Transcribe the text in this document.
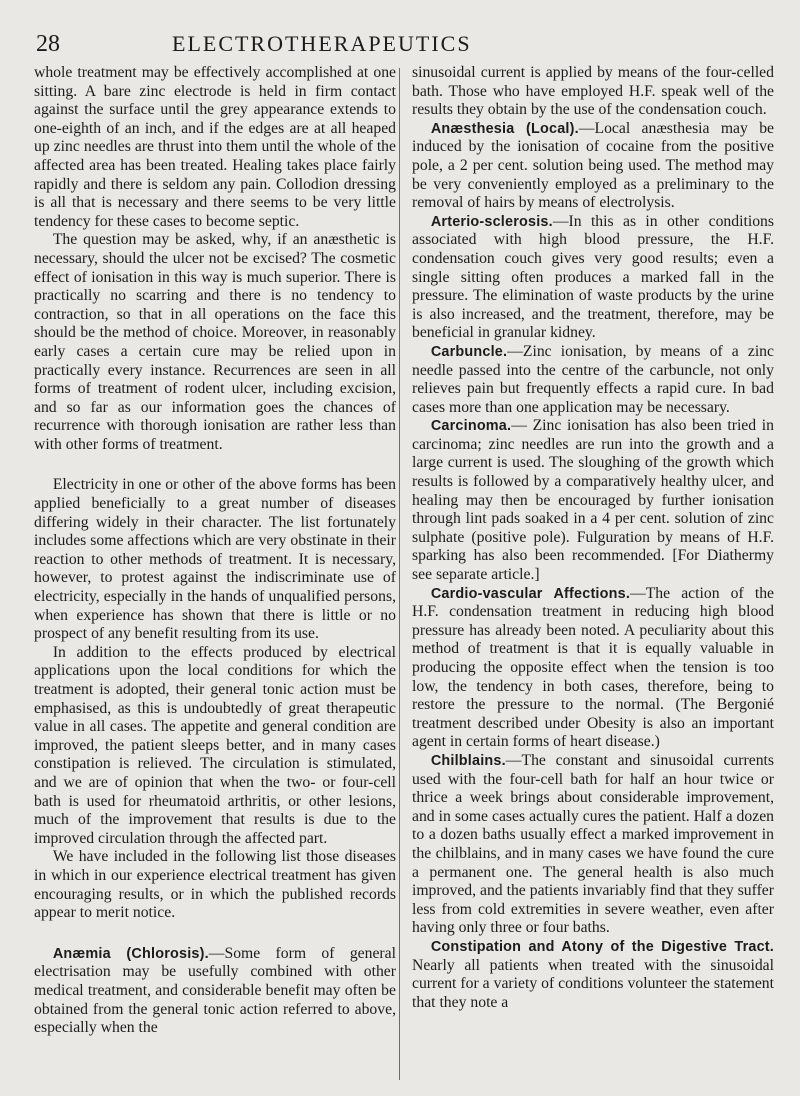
28	ELECTROTHERAPEUTICS

whole treatment may be effectively accomplished at one sitting. A bare zinc electrode is held in firm contact against the surface until the grey appearance extends to one-eighth of an inch, and if the edges are at all heaped up zinc needles are thrust into them until the whole of the affected area has been treated. Healing takes place fairly rapidly and there is seldom any pain. Collodion dressing is all that is necessary and there seems to be very little tendency for these cases to become septic.

The question may be asked, why, if an anæsthetic is necessary, should the ulcer not be excised? The cosmetic effect of ionisation in this way is much superior. There is practically no scarring and there is no tendency to contraction, so that in all operations on the face this should be the method of choice. Moreover, in reasonably early cases a certain cure may be relied upon in practically every instance. Recurrences are seen in all forms of treatment of rodent ulcer, including excision, and so far as our information goes the chances of recurrence with thorough ionisation are rather less than with other forms of treatment.

Electricity in one or other of the above forms has been applied beneficially to a great number of diseases differing widely in their character. The list fortunately includes some affections which are very obstinate in their reaction to other methods of treatment. It is necessary, however, to protest against the indiscriminate use of electricity, especially in the hands of unqualified persons, when experience has shown that there is little or no prospect of any benefit resulting from its use.

In addition to the effects produced by electrical applications upon the local conditions for which the treatment is adopted, their general tonic action must be emphasised, as this is undoubtedly of great therapeutic value in all cases. The appetite and general condition are improved, the patient sleeps better, and in many cases constipation is relieved. The circulation is stimulated, and we are of opinion that when the two- or four-cell bath is used for rheumatoid arthritis, or other lesions, much of the improvement that results is due to the improved circulation through the affected part.

We have included in the following list those diseases in which in our experience electrical treatment has given encouraging results, or in which the published records appear to merit notice.

Anæmia (Chlorosis).—Some form of general electrisation may be usefully combined with other medical treatment, and considerable benefit may often be obtained from the general tonic action referred to above, especially when the

sinusoidal current is applied by means of the four-celled bath. Those who have employed H.F. speak well of the results they obtain by the use of the condensation couch.

Anæsthesia (Local).—Local anæsthesia may be induced by the ionisation of cocaine from the positive pole, a 2 per cent. solution being used. The method may be very conveniently employed as a preliminary to the removal of hairs by means of electrolysis.

Arterio-sclerosis.—In this as in other conditions associated with high blood pressure, the H.F. condensation couch gives very good results; even a single sitting often produces a marked fall in the pressure. The elimination of waste products by the urine is also increased, and the treatment, therefore, may be beneficial in granular kidney.

Carbuncle.—Zinc ionisation, by means of a zinc needle passed into the centre of the carbuncle, not only relieves pain but frequently effects a rapid cure. In bad cases more than one application may be necessary.

Carcinoma.— Zinc ionisation has also been tried in carcinoma; zinc needles are run into the growth and a large current is used. The sloughing of the growth which results is followed by a comparatively healthy ulcer, and healing may then be encouraged by further ionisation through lint pads soaked in a 4 per cent. solution of zinc sulphate (positive pole). Fulguration by means of H.F. sparking has also been recommended. [For Diathermy see separate article.]

Cardio-vascular Affections.—The action of the H.F. condensation treatment in reducing high blood pressure has already been noted. A peculiarity about this method of treatment is that it is equally valuable in producing the opposite effect when the tension is too low, the tendency in both cases, therefore, being to restore the pressure to the normal. (The Bergonié treatment described under Obesity is also an important agent in certain forms of heart disease.)

Chilblains.—The constant and sinusoidal currents used with the four-cell bath for half an hour twice or thrice a week brings about considerable improvement, and in some cases actually cures the patient. Half a dozen to a dozen baths usually effect a marked improvement in the chilblains, and in many cases we have found the cure a permanent one. The general health is also much improved, and the patients invariably find that they suffer less from cold extremities in severe weather, even after having only three or four baths.

Constipation and Atony of the Digestive Tract. Nearly all patients when treated with the sinusoidal current for a variety of conditions volunteer the statement that they note a
